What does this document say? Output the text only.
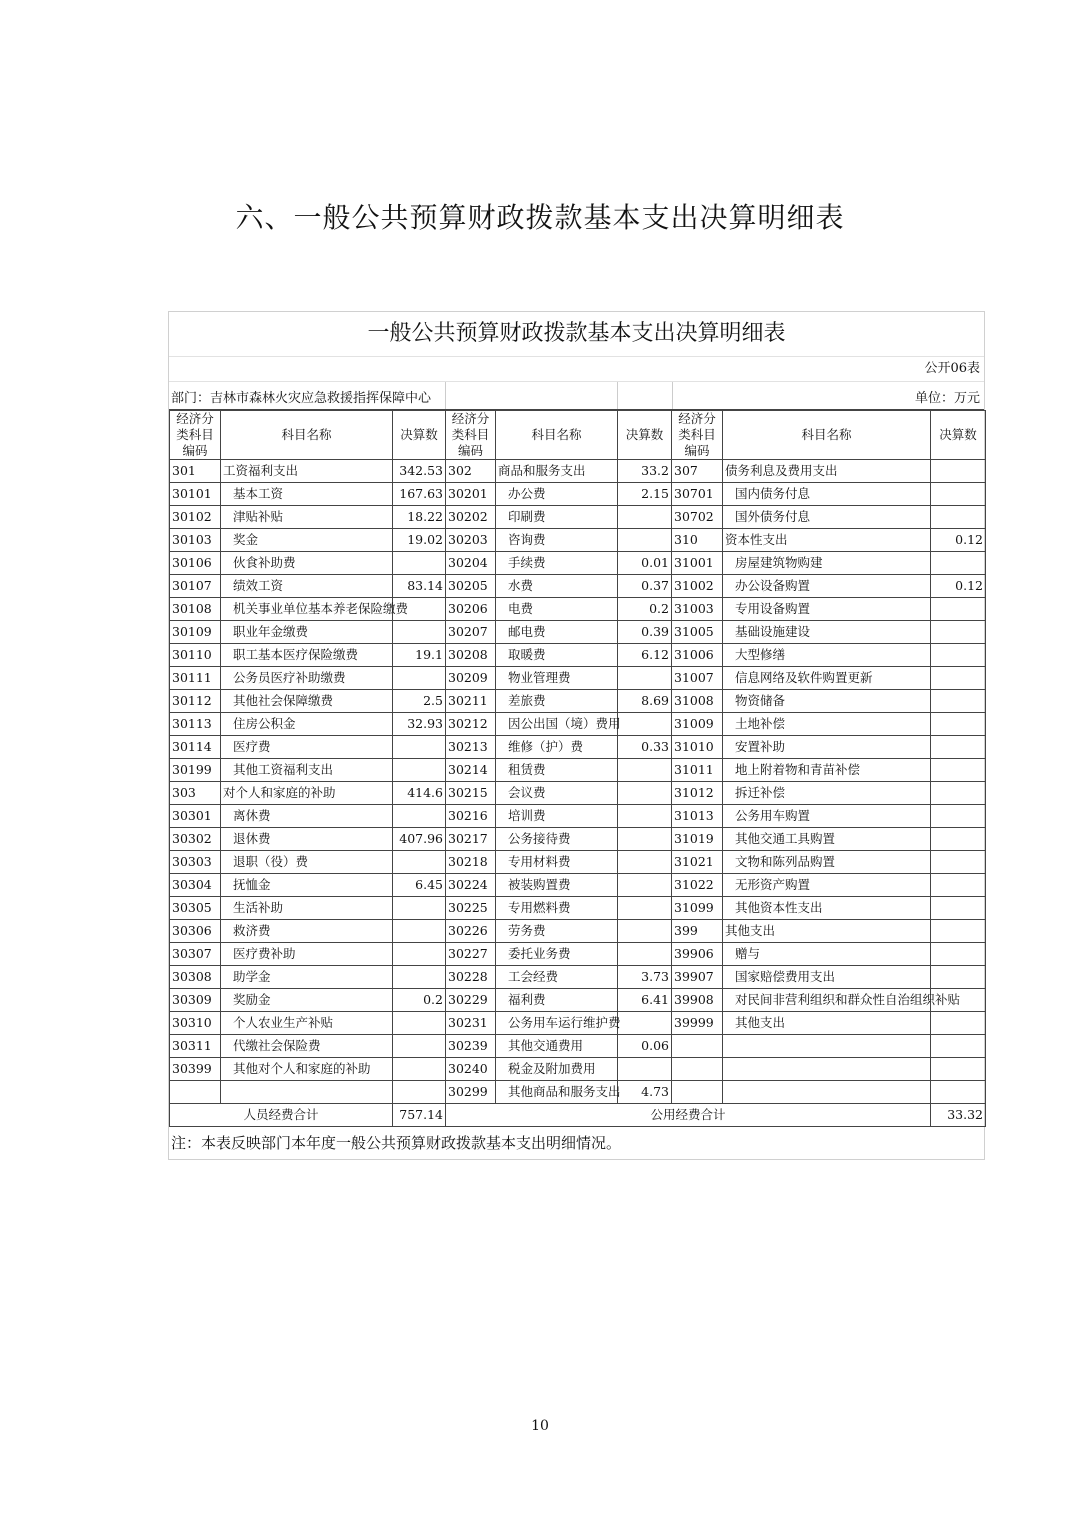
六、一般公共预算财政拨款基本支出决算明细表
一般公共预算财政拨款基本支出决算明细表
公开06表
部门：吉林市森林火灾应急救援指挥保障中心	单位：万元
经济分类科目编码	科目名称	决算数	经济分类科目编码	科目名称	决算数	经济分类科目编码	科目名称	决算数
301	工资福利支出	342.53	302	商品和服务支出	33.2	307	债务利息及费用支出	
30101	基本工资	167.63	30201	办公费	2.15	30701	国内债务付息	
30102	津贴补贴	18.22	30202	印刷费		30702	国外债务付息	
30103	奖金	19.02	30203	咨询费		310	资本性支出	0.12
30106	伙食补助费		30204	手续费	0.01	31001	房屋建筑物购建	
30107	绩效工资	83.14	30205	水费	0.37	31002	办公设备购置	0.12
30108	机关事业单位基本养老保险缴费		30206	电费	0.2	31003	专用设备购置	
30109	职业年金缴费		30207	邮电费	0.39	31005	基础设施建设	
30110	职工基本医疗保险缴费	19.1	30208	取暖费	6.12	31006	大型修缮	
30111	公务员医疗补助缴费		30209	物业管理费		31007	信息网络及软件购置更新	
30112	其他社会保障缴费	2.5	30211	差旅费	8.69	31008	物资储备	
30113	住房公积金	32.93	30212	因公出国（境）费用		31009	土地补偿	
30114	医疗费		30213	维修（护）费	0.33	31010	安置补助	
30199	其他工资福利支出		30214	租赁费		31011	地上附着物和青苗补偿	
303	对个人和家庭的补助	414.6	30215	会议费		31012	拆迁补偿	
30301	离休费		30216	培训费		31013	公务用车购置	
30302	退休费	407.96	30217	公务接待费		31019	其他交通工具购置	
30303	退职（役）费		30218	专用材料费		31021	文物和陈列品购置	
30304	抚恤金	6.45	30224	被装购置费		31022	无形资产购置	
30305	生活补助		30225	专用燃料费		31099	其他资本性支出	
30306	救济费		30226	劳务费		399	其他支出	
30307	医疗费补助		30227	委托业务费		39906	赠与	
30308	助学金		30228	工会经费	3.73	39907	国家赔偿费用支出	
30309	奖励金	0.2	30229	福利费	6.41	39908	对民间非营利组织和群众性自治组织补贴	
30310	个人农业生产补贴		30231	公务用车运行维护费		39999	其他支出	
30311	代缴社会保险费		30239	其他交通费用	0.06			
30399	其他对个人和家庭的补助		30240	税金及附加费用				
			30299	其他商品和服务支出	4.73			
人员经费合计		757.14	公用经费合计					33.32
注：本表反映部门本年度一般公共预算财政拨款基本支出明细情况。
10
